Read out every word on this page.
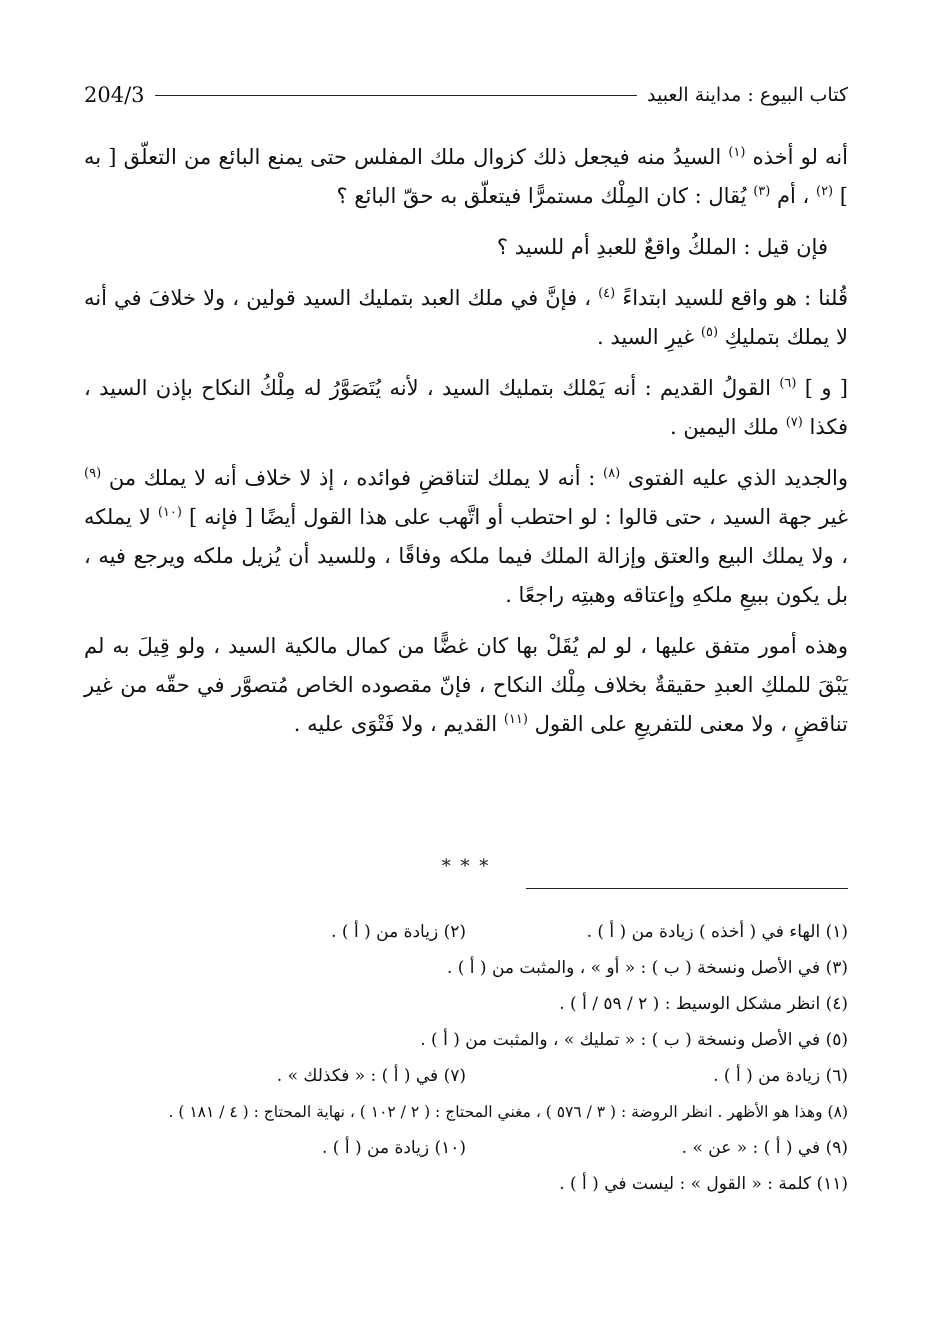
كتاب البيوع : مداينة العبيد
204/3

أنه لو أخذه $^{(١)}$ السيدُ منه فيجعل ذلك كزوال ملك المفلس حتى يمنع البائع من التعلّق [ به ] $^{(٢)}$ ، أم $^{(٣)}$ يُقال : كان المِلْك مستمرًّا فيتعلّق به حقّ البائع ؟

فإن قيل : الملكُ واقعٌ للعبدِ أم للسيد ؟

قُلنا : هو واقع للسيد ابتداءً $^{(٤)}$ ، فإنَّ في ملك العبد بتمليك السيد قولين ، ولا خلافَ في أنه لا يملك بتمليكِ $^{(٥)}$ غيرِ السيد .

[ و ] $^{(٦)}$ القولُ القديم : أنه يَمْلك بتمليك السيد ، لأنه يُتَصَوَّرُ له مِلْكُ النكاح بإذن السيد ، فكذا $^{(٧)}$ ملك اليمين .

والجديد الذي عليه الفتوى $^{(٨)}$ : أنه لا يملك لتناقضِ فوائده ، إذ لا خلاف أنه لا يملك من $^{(٩)}$ غير جهة السيد ، حتى قالوا : لو احتطب أو اتَّهب على هذا القول أيضًا [ فإنه ] $^{(١٠)}$ لا يملكه ، ولا يملك البيع والعتق وإزالة الملك فيما ملكه وفاقًا ، وللسيد أن يُزيل ملكه ويرجع فيه ، بل يكون ببيعِ ملكهِ وإعتاقه وهبتِه راجعًا .

وهذه أمور متفق عليها ، لو لم يُقَلْ بها كان غضًّا من كمال مالكية السيد ، ولو قِيلَ به لم يَبْقَ للملكِ العبدِ حقيقةٌ بخلاف مِلْك النكاح ، فإنّ مقصوده الخاص مُتصوَّر في حقّه من غير تناقضٍ ، ولا معنى للتفريعِ على القول $^{(١١)}$ القديم ، ولا فَتْوَى عليه .

* * *
(١) الهاء في ( أخذه ) زيادة من ( أ ) .
(٢) زيادة من ( أ ) .
(٣) في الأصل ونسخة ( ب ) : « أو » ، والمثبت من ( أ ) .
(٤) انظر مشكل الوسيط : ( ٢ / ٥٩ / أ ) .
(٥) في الأصل ونسخة ( ب ) : « تمليك » ، والمثبت من ( أ ) .
(٦) زيادة من ( أ ) .
(٧) في ( أ ) : « فكذلك » .
(٨) وهذا هو الأظهر . انظر الروضة : ( ٣ / ٥٧٦ ) ، مغني المحتاج : ( ٢ / ١٠٢ ) ، نهاية المحتاج : ( ٤ / ١٨١ ) .
(٩) في ( أ ) : « عن » .
(١٠) زيادة من ( أ ) .
(١١) كلمة : « القول » : ليست في ( أ ) .
